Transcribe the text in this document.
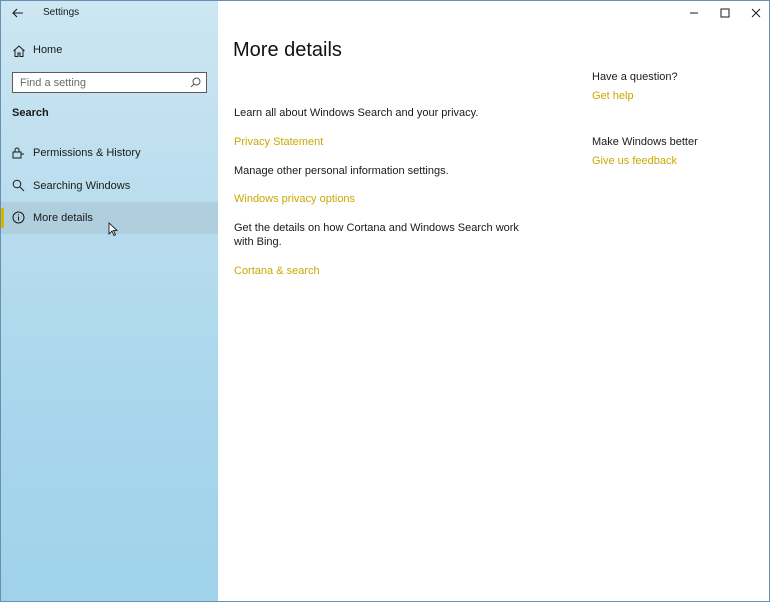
Settings
Home
Find a setting
Search
Permissions & History
Searching Windows
More details
More details

Learn all about Windows Search and your privacy.

Privacy Statement

Manage other personal information settings.

Windows privacy options

Get the details on how Cortana and Windows Search work with Bing.

Cortana & search
Have a question?
Get help
Make Windows better
Give us feedback
